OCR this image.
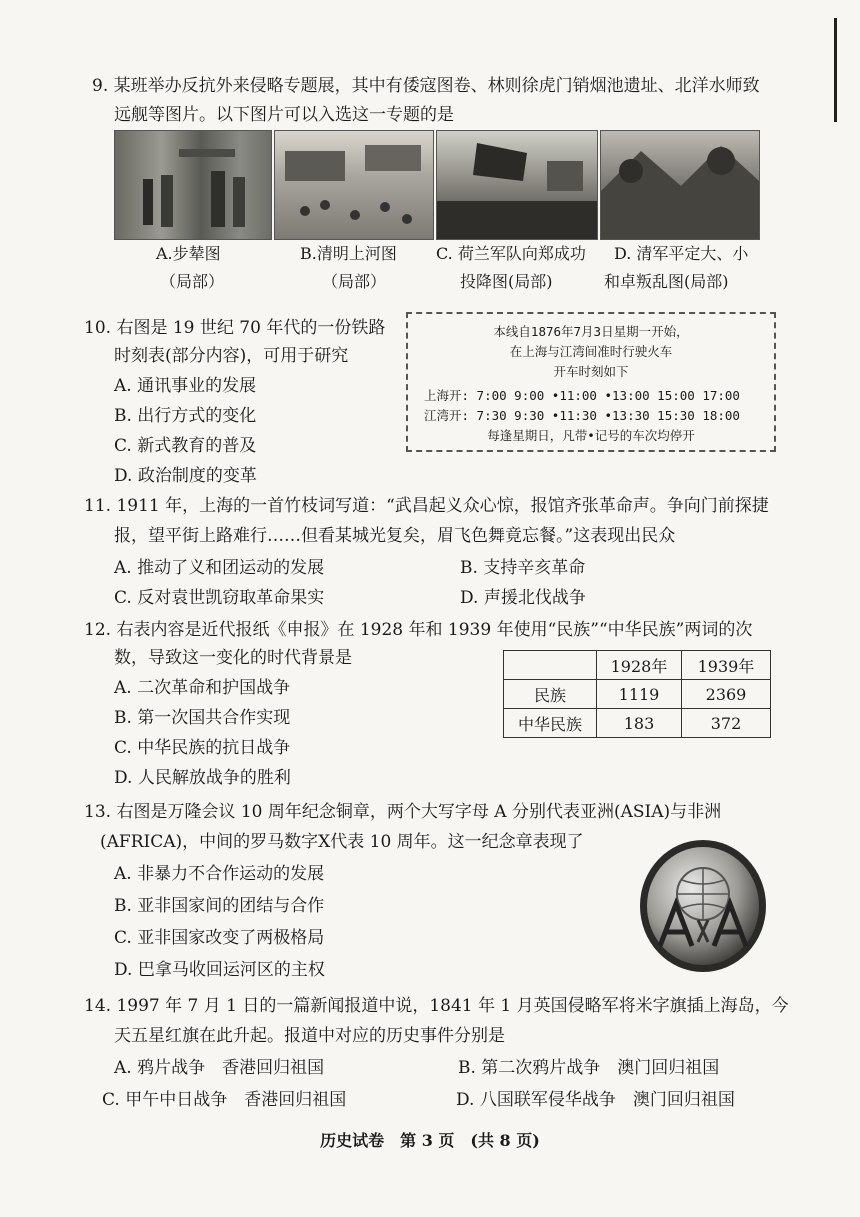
9. 某班举办反抗外来侵略专题展，其中有倭寇图卷、林则徐虎门销烟池遗址、北洋水师致
远舰等图片。以下图片可以入选这一专题的是
A.步辇图
（局部）
B.清明上河图
（局部）
C. 荷兰军队向郑成功
投降图(局部)
D. 清军平定大、小
和卓叛乱图(局部)
10. 右图是 19 世纪 70 年代的一份铁路
时刻表(部分内容)，可用于研究
A. 通讯事业的发展
B. 出行方式的变化
C. 新式教育的普及
D. 政治制度的变革
本线自1876年7月3日星期一开始，
在上海与江湾间准时行驶火车
开车时刻如下
上海开: 7:00 9:00 •11:00 •13:00 15:00 17:00
江湾开: 7:30 9:30 •11:30 •13:30 15:30 18:00
每逢星期日，凡带•记号的车次均停开
11. 1911 年，上海的一首竹枝词写道：“武昌起义众心惊，报馆齐张革命声。争向门前探捷
报，望平街上路难行……但看某城光复矣，眉飞色舞竟忘餐。”这表现出民众
A. 推动了义和团运动的发展	B. 支持辛亥革命
C. 反对袁世凯窃取革命果实	D. 声援北伐战争
12. 右表内容是近代报纸《申报》在 1928 年和 1939 年使用“民族”“中华民族”两词的次
数，导致这一变化的时代背景是
A. 二次革命和护国战争
B. 第一次国共合作实现
C. 中华民族的抗日战争
D. 人民解放战争的胜利
	1928年	1939年
民族	1119	2369
中华民族	183	372
13. 右图是万隆会议 10 周年纪念铜章，两个大写字母 A 分别代表亚洲(ASIA)与非洲
(AFRICA)，中间的罗马数字Ⅹ代表 10 周年。这一纪念章表现了
A. 非暴力不合作运动的发展
B. 亚非国家间的团结与合作
C. 亚非国家改变了两极格局
D. 巴拿马收回运河区的主权
14. 1997 年 7 月 1 日的一篇新闻报道中说，1841 年 1 月英国侵略军将米字旗插上海岛，今
天五星红旗在此升起。报道中对应的历史事件分别是
A. 鸦片战争　香港回归祖国	B. 第二次鸦片战争　澳门回归祖国
C. 甲午中日战争　香港回归祖国	D. 八国联军侵华战争　澳门回归祖国
历史试卷　第 3 页　(共 8 页)
